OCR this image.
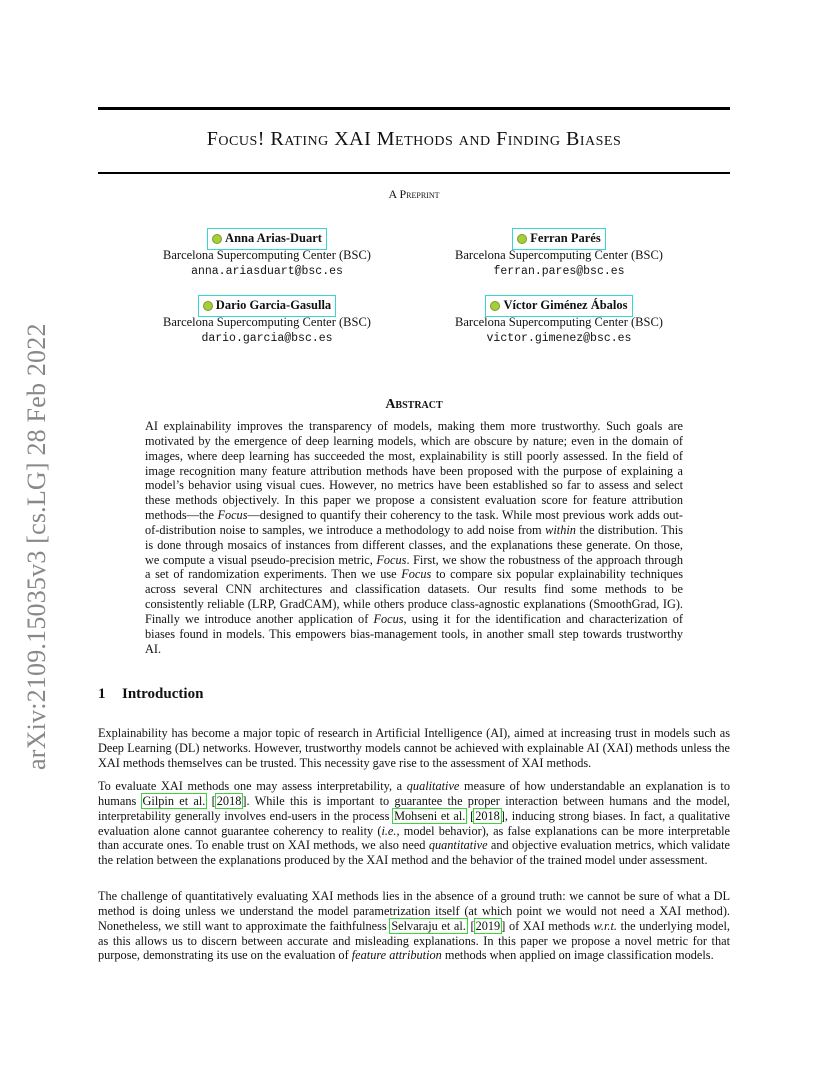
arXiv:2109.15035v3 [cs.LG] 28 Feb 2022
Focus! Rating XAI Methods and Finding Biases
A Preprint
Anna Arias-Duart
Barcelona Supercomputing Center (BSC)
anna.ariasduart@bsc.es
Ferran Parés
Barcelona Supercomputing Center (BSC)
ferran.pares@bsc.es
Dario Garcia-Gasulla
Barcelona Supercomputing Center (BSC)
dario.garcia@bsc.es
Víctor Giménez Ábalos
Barcelona Supercomputing Center (BSC)
victor.gimenez@bsc.es
Abstract

AI explainability improves the transparency of models, making them more trustworthy. Such goals are motivated by the emergence of deep learning models, which are obscure by nature; even in the domain of images, where deep learning has succeeded the most, explainability is still poorly assessed. In the field of image recognition many feature attribution methods have been proposed with the purpose of explaining a model’s behavior using visual cues. However, no metrics have been established so far to assess and select these methods objectively. In this paper we propose a consistent evaluation score for feature attribution methods—the Focus—designed to quantify their coherency to the task. While most previous work adds out-of-distribution noise to samples, we introduce a methodology to add noise from within the distribution. This is done through mosaics of instances from different classes, and the explanations these generate. On those, we compute a visual pseudo-precision metric, Focus. First, we show the robustness of the approach through a set of randomization experiments. Then we use Focus to compare six popular explainability techniques across several CNN architectures and classification datasets. Our results find some methods to be consistently reliable (LRP, GradCAM), while others produce class-agnostic explanations (SmoothGrad, IG). Finally we introduce another application of Focus, using it for the identification and characterization of biases found in models. This empowers bias-management tools, in another small step towards trustworthy AI.

1 Introduction

Explainability has become a major topic of research in Artificial Intelligence (AI), aimed at increasing trust in models such as Deep Learning (DL) networks. However, trustworthy models cannot be achieved with explainable AI (XAI) methods unless the XAI methods themselves can be trusted. This necessity gave rise to the assessment of XAI methods.

To evaluate XAI methods one may assess interpretability, a qualitative measure of how understandable an explanation is to humans Gilpin et al. [2018]. While this is important to guarantee the proper interaction between humans and the model, interpretability generally involves end-users in the process Mohseni et al. [2018], inducing strong biases. In fact, a qualitative evaluation alone cannot guarantee coherency to reality (i.e., model behavior), as false explanations can be more interpretable than accurate ones. To enable trust on XAI methods, we also need quantitative and objective evaluation metrics, which validate the relation between the explanations produced by the XAI method and the behavior of the trained model under assessment.

The challenge of quantitatively evaluating XAI methods lies in the absence of a ground truth: we cannot be sure of what a DL method is doing unless we understand the model parametrization itself (at which point we would not need a XAI method). Nonetheless, we still want to approximate the faithfulness Selvaraju et al. [2019] of XAI methods w.r.t. the underlying model, as this allows us to discern between accurate and misleading explanations. In this paper we propose a novel metric for that purpose, demonstrating its use on the evaluation of feature attribution methods when applied on image classification models.
